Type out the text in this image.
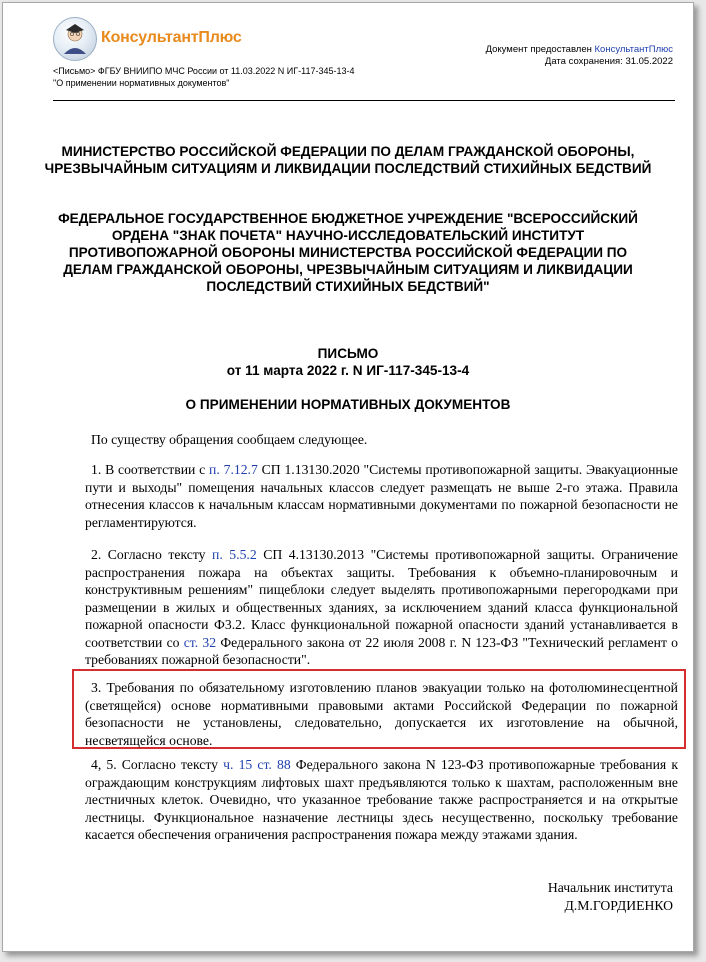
КонсультантПлюс
<Письмо> ФГБУ ВНИИПО МЧС России от 11.03.2022 N ИГ-117-345-13-4
"О применении нормативных документов"
Документ предоставлен КонсультантПлюс
Дата сохранения: 31.05.2022
МИНИСТЕРСТВО РОССИЙСКОЙ ФЕДЕРАЦИИ ПО ДЕЛАМ ГРАЖДАНСКОЙ ОБОРОНЫ, ЧРЕЗВЫЧАЙНЫМ СИТУАЦИЯМ И ЛИКВИДАЦИИ ПОСЛЕДСТВИЙ СТИХИЙНЫХ БЕДСТВИЙ
ФЕДЕРАЛЬНОЕ ГОСУДАРСТВЕННОЕ БЮДЖЕТНОЕ УЧРЕЖДЕНИЕ "ВСЕРОССИЙСКИЙ ОРДЕНА "ЗНАК ПОЧЕТА" НАУЧНО-ИССЛЕДОВАТЕЛЬСКИЙ ИНСТИТУТ ПРОТИВОПОЖАРНОЙ ОБОРОНЫ МИНИСТЕРСТВА РОССИЙСКОЙ ФЕДЕРАЦИИ ПО ДЕЛАМ ГРАЖДАНСКОЙ ОБОРОНЫ, ЧРЕЗВЫЧАЙНЫМ СИТУАЦИЯМ И ЛИКВИДАЦИИ ПОСЛЕДСТВИЙ СТИХИЙНЫХ БЕДСТВИЙ"
ПИСЬМО
от 11 марта 2022 г. N ИГ-117-345-13-4
О ПРИМЕНЕНИИ НОРМАТИВНЫХ ДОКУМЕНТОВ
По существу обращения сообщаем следующее.
1. В соответствии с п. 7.12.7 СП 1.13130.2020 "Системы противопожарной защиты. Эвакуационные пути и выходы" помещения начальных классов следует размещать не выше 2-го этажа. Правила отнесения классов к начальным классам нормативными документами по пожарной безопасности не регламентируются.
2. Согласно тексту п. 5.5.2 СП 4.13130.2013 "Системы противопожарной защиты. Ограничение распространения пожара на объектах защиты. Требования к объемно-планировочным и конструктивным решениям" пищеблоки следует выделять противопожарными перегородками при размещении в жилых и общественных зданиях, за исключением зданий класса функциональной пожарной опасности Ф3.2. Класс функциональной пожарной опасности зданий устанавливается в соответствии со ст. 32 Федерального закона от 22 июля 2008 г. N 123-ФЗ "Технический регламент о требованиях пожарной безопасности".
3. Требования по обязательному изготовлению планов эвакуации только на фотолюминесцентной (светящейся) основе нормативными правовыми актами Российской Федерации по пожарной безопасности не установлены, следовательно, допускается их изготовление на обычной, несветящейся основе.
4, 5. Согласно тексту ч. 15 ст. 88 Федерального закона N 123-ФЗ противопожарные требования к ограждающим конструкциям лифтовых шахт предъявляются только к шахтам, расположенным вне лестничных клеток. Очевидно, что указанное требование также распространяется и на открытые лестницы. Функциональное назначение лестницы здесь несущественно, поскольку требование касается обеспечения ограничения распространения пожара между этажами здания.
Начальник института
Д.М.ГОРДИЕНКО
